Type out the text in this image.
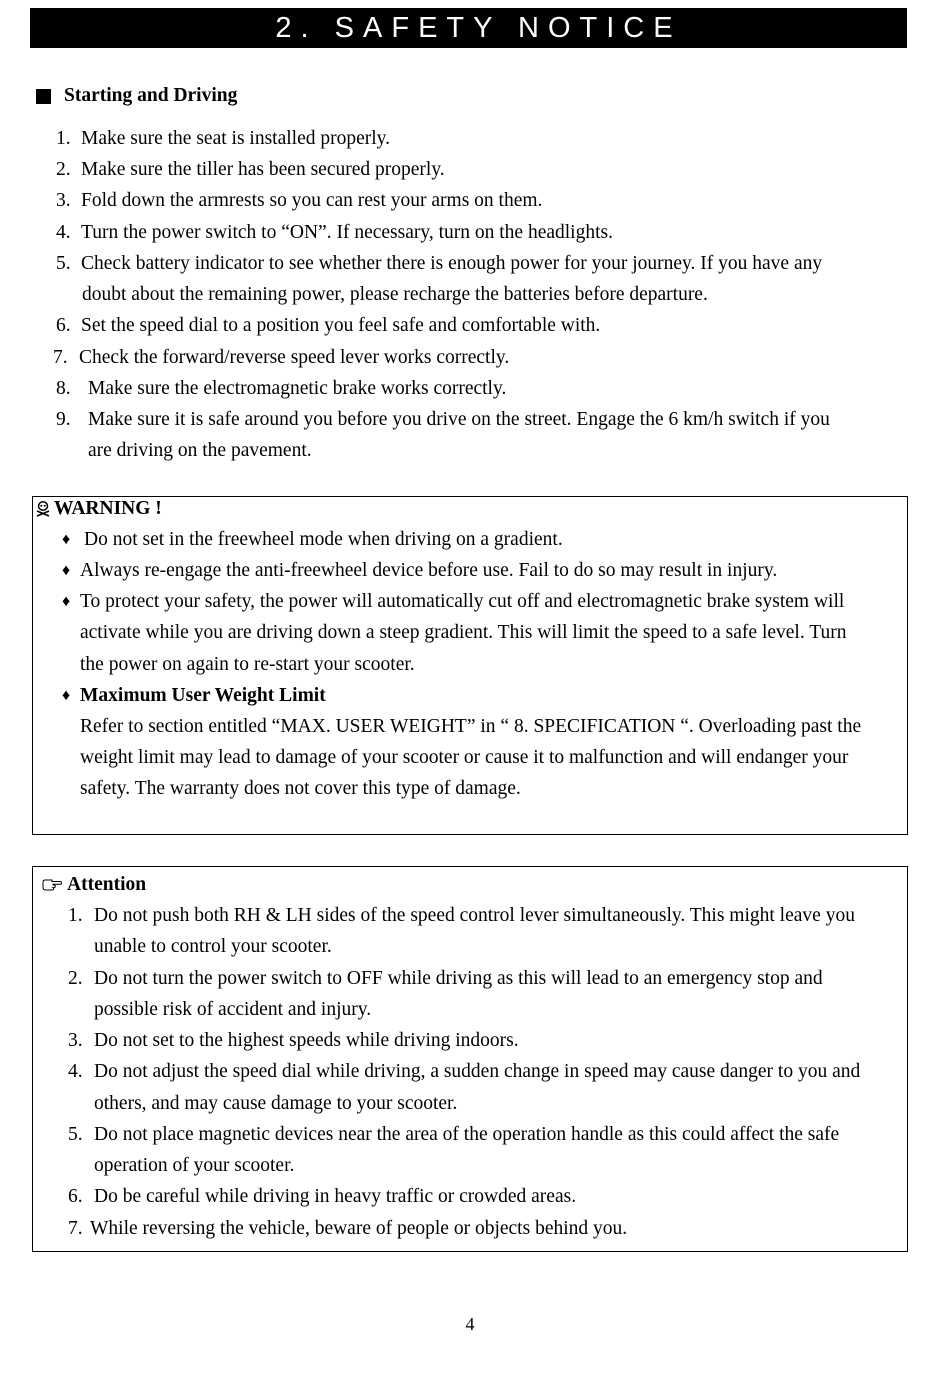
2. SAFETY NOTICE
Starting and Driving
1. Make sure the seat is installed properly.
2. Make sure the tiller has been secured properly.
3. Fold down the armrests so you can rest your arms on them.
4. Turn the power switch to “ON”. If necessary, turn on the headlights.
5. Check battery indicator to see whether there is enough power for your journey. If you have any
doubt about the remaining power, please recharge the batteries before departure.
6. Set the speed dial to a position you feel safe and comfortable with.
7. Check the forward/reverse speed lever works correctly.
8. Make sure the electromagnetic brake works correctly.
9. Make sure it is safe around you before you drive on the street. Engage the 6 km/h switch if you
are driving on the pavement.
WARNING !
♦ Do not set in the freewheel mode when driving on a gradient.
♦ Always re-engage the anti-freewheel device before use. Fail to do so may result in injury.
♦ To protect your safety, the power will automatically cut off and electromagnetic brake system will
activate while you are driving down a steep gradient. This will limit the speed to a safe level. Turn
the power on again to re-start your scooter.
♦ Maximum User Weight Limit
Refer to section entitled “MAX. USER WEIGHT” in “ 8. SPECIFICATION “. Overloading past the
weight limit may lead to damage of your scooter or cause it to malfunction and will endanger your
safety. The warranty does not cover this type of damage.
Attention
1. Do not push both RH & LH sides of the speed control lever simultaneously. This might leave you
unable to control your scooter.
2. Do not turn the power switch to OFF while driving as this will lead to an emergency stop and
possible risk of accident and injury.
3. Do not set to the highest speeds while driving indoors.
4. Do not adjust the speed dial while driving, a sudden change in speed may cause danger to you and
others, and may cause damage to your scooter.
5. Do not place magnetic devices near the area of the operation handle as this could affect the safe
operation of your scooter.
6. Do be careful while driving in heavy traffic or crowded areas.
7. While reversing the vehicle, beware of people or objects behind you.
4
